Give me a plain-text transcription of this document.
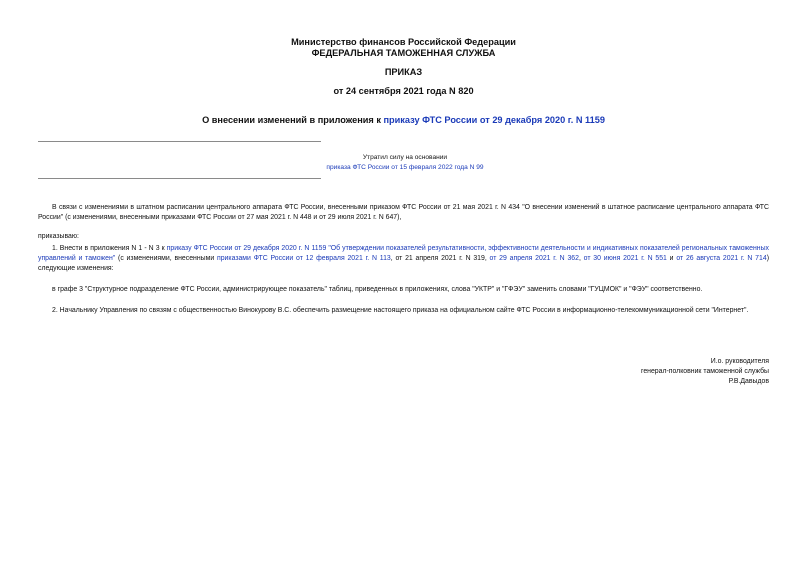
Министерство финансов Российской Федерации
ФЕДЕРАЛЬНАЯ ТАМОЖЕННАЯ СЛУЖБА
ПРИКАЗ
от 24 сентября 2021 года N 820
О внесении изменений в приложения к приказу ФТС России от 29 декабря 2020 г. N 1159
Утратил силу на основании
приказа ФТС России от 15 февраля 2022 года N 99
В связи с изменениями в штатном расписании центрального аппарата ФТС России, внесенными приказом ФТС России от 21 мая 2021 г. N 434 "О внесении изменений в штатное расписание центрального аппарата ФТС России" (с изменениями, внесенными приказами ФТС России от 27 мая 2021 г. N 448 и от 29 июля 2021 г. N 647),
приказываю:
1. Внести в приложения N 1 - N 3 к приказу ФТС России от 29 декабря 2020 г. N 1159 "Об утверждении показателей результативности, эффективности деятельности и индикативных показателей региональных таможенных управлений и таможен" (с изменениями, внесенными приказами ФТС России от 12 февраля 2021 г. N 113, от 21 апреля 2021 г. N 319, от 29 апреля 2021 г. N 362, от 30 июня 2021 г. N 551 и от 26 августа 2021 г. N 714) следующие изменения:
в графе 3 "Структурное подразделение ФТС России, администрирующее показатель" таблиц, приведенных в приложениях, слова "УКТР" и "ГФЭУ" заменить словами "ГУЦМОК" и "ФЭУ" соответственно.
2. Начальнику Управления по связям с общественностью Винокурову В.С. обеспечить размещение настоящего приказа на официальном сайте ФТС России в информационно-телекоммуникационной сети "Интернет".
И.о. руководителя
генерал-полковник таможенной службы
Р.В.Давыдов
